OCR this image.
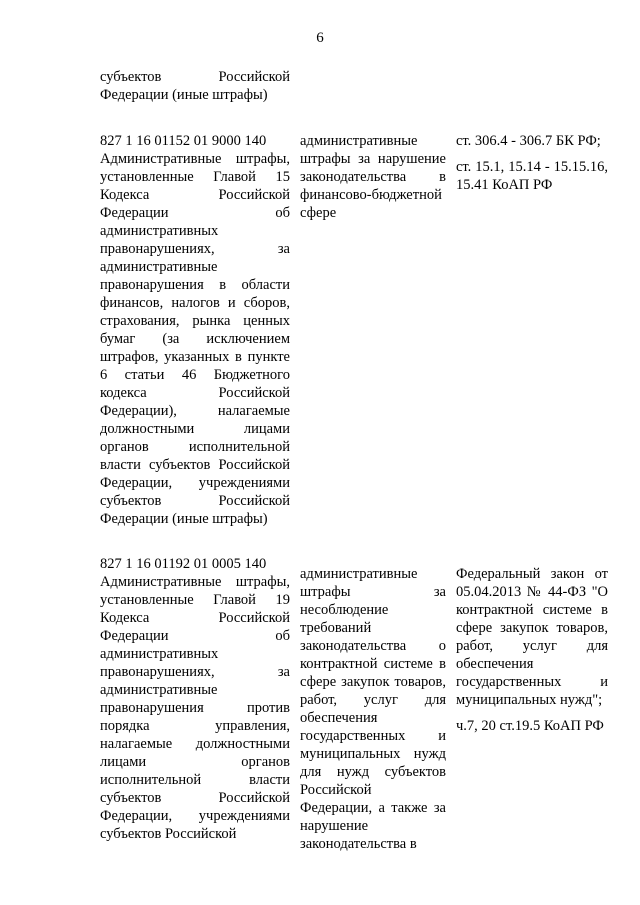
6
субъектов Российской
Федерации (иные штрафы)
827 1 16 01152 01 9000 140
Административные штрафы, установленные Главой 15 Кодекса Российской Федерации об административных правонарушениях, за административные правонарушения в области финансов, налогов и сборов, страхования, рынка ценных бумаг (за исключением штрафов, указанных в пункте 6 статьи 46 Бюджетного кодекса Российской Федерации), налагаемые должностными лицами органов исполнительной власти субъектов Российской Федерации, учреждениями субъектов Российской Федерации (иные штрафы)
административные штрафы за нарушение законодательства в финансово-бюджетной сфере
ст. 306.4 - 306.7 БК РФ;
ст. 15.1, 15.14 - 15.15.16, 15.41 КоАП РФ
827 1 16 01192 01 0005 140
Административные штрафы, установленные Главой 19 Кодекса Российской Федерации об административных правонарушениях, за административные правонарушения против порядка управления, налагаемые должностными лицами органов исполнительной власти субъектов Российской Федерации, учреждениями субъектов Российской
административные штрафы за несоблюдение требований законодательства о контрактной системе в сфере закупок товаров, работ, услуг для обеспечения государственных и муниципальных нужд для нужд субъектов Российской Федерации, а также за нарушение законодательства в
Федеральный закон от 05.04.2013 № 44-ФЗ "О контрактной системе в сфере закупок товаров, работ, услуг для обеспечения государственных и муниципальных нужд";
ч.7, 20 ст.19.5 КоАП РФ
